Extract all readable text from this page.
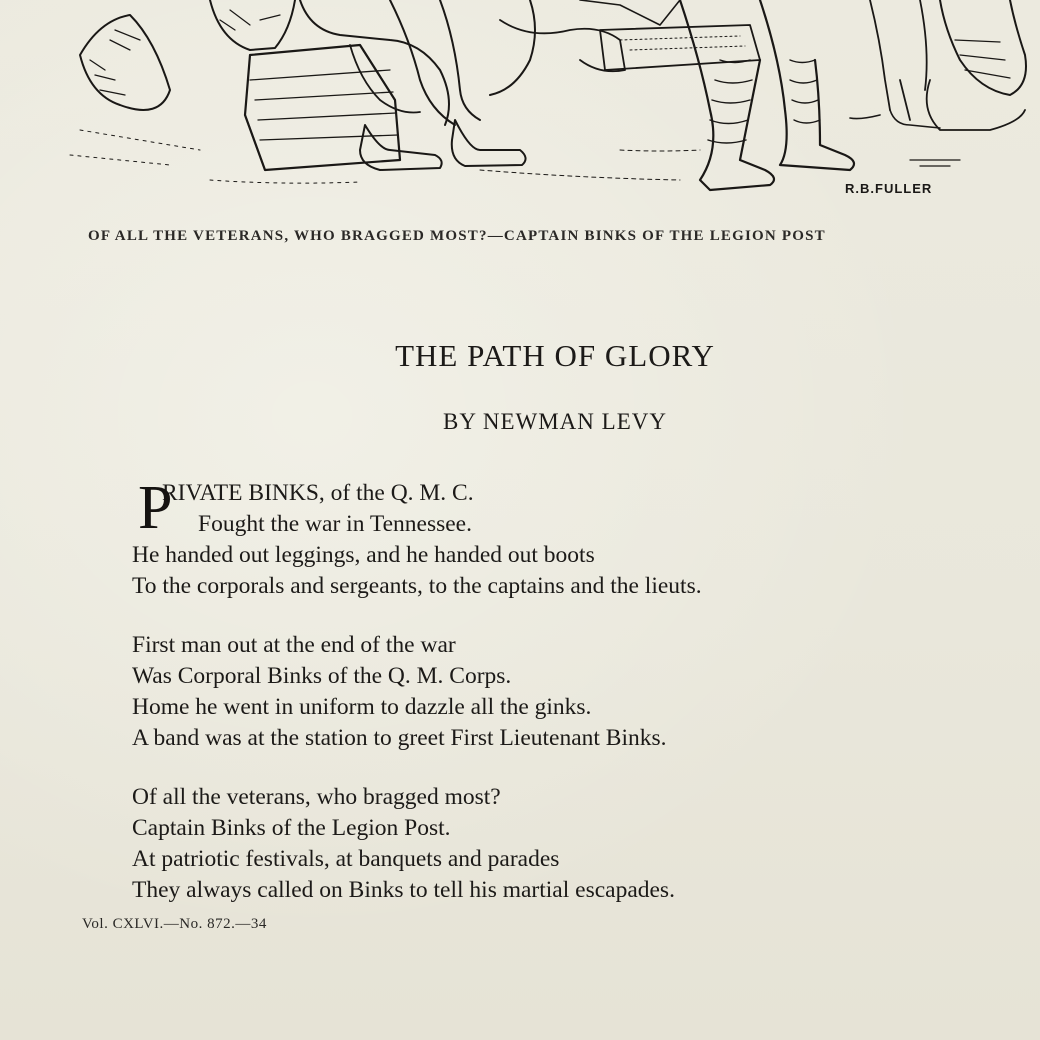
R.B.FULLER
OF ALL THE VETERANS, WHO BRAGGED MOST?—CAPTAIN BINKS OF THE LEGION POST
THE PATH OF GLORY
BY NEWMAN LEVY
P
RIVATE BINKS, of the Q. M. C.
Fought the war in Tennessee.
He handed out leggings, and he handed out boots
To the corporals and sergeants, to the captains and the lieuts.
First man out at the end of the war
Was Corporal Binks of the Q. M. Corps.
Home he went in uniform to dazzle all the ginks.
A band was at the station to greet First Lieutenant Binks.
Of all the veterans, who bragged most?
Captain Binks of the Legion Post.
At patriotic festivals, at banquets and parades
They always called on Binks to tell his martial escapades.
Vol. CXLVI.—No. 872.—34
